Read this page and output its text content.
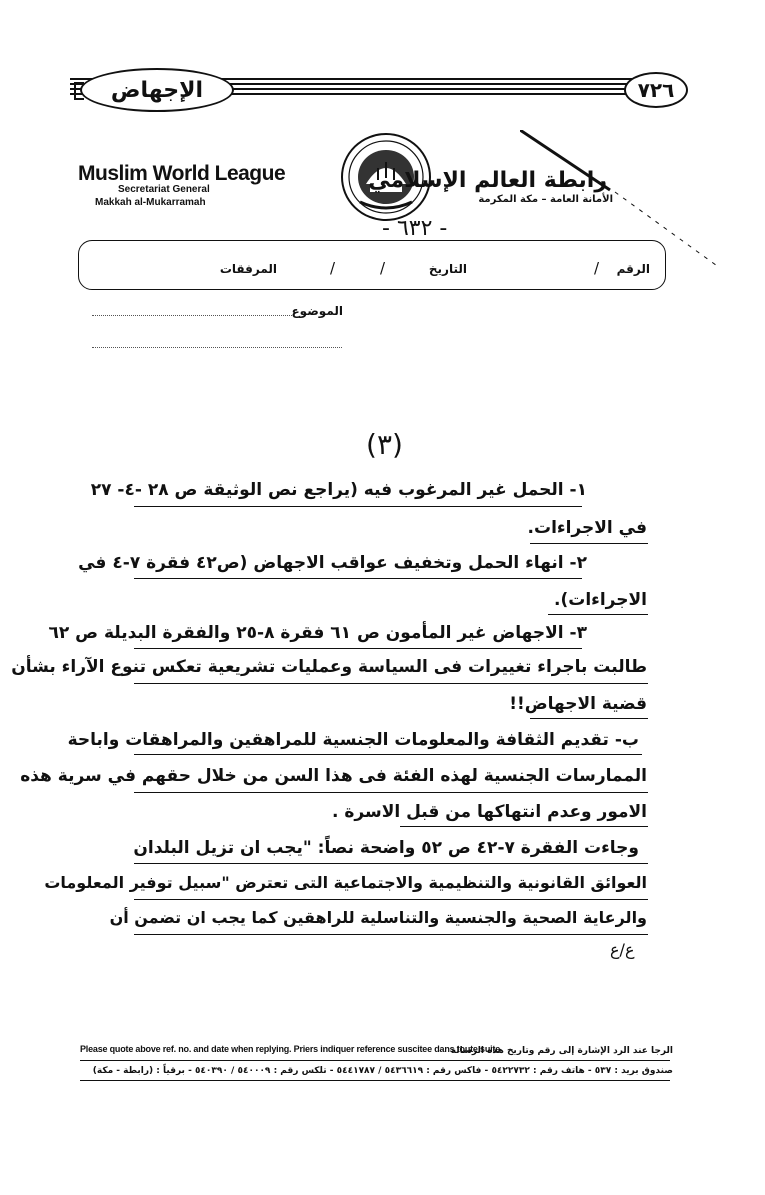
الإجهاض	٧٢٦
Muslim World League
Secretariat General
Makkah al-Mukarramah
رابطة العالم الإسلامي
الأمانة العامة – مكة المكرمة
- ٦٣٢ -
الرقم
/
التاريخ
/
/
المرفقات
الموضوع
(٣)
١- الحمل غير المرغوب فيه (يراجع نص الوثيقة ص ٢٨ -٤- ٢٧
في الاجراءات.
٢- انهاء الحمل وتخفيف عواقب الاجهاض (ص٤٢ فقرة ٧-٤ في
الاجراءات).
٣- الاجهاض غير المأمون ص ٦١ فقرة ٨-٢٥ والفقرة البديلة ص ٦٢
طالبت باجراء تغييرات فى السياسة وعمليات تشريعية تعكس تنوع الآراء بشأن
قضية الاجهاض!!
ب- تقديم الثقافة والمعلومات الجنسية للمراهقين والمراهقات واباحة
الممارسات الجنسية لهذه الفئة فى هذا السن من خلال حقهم في سرية هذه
الامور وعدم انتهاكها من قبل الاسرة .
وجاءت الفقرة ٧-٤٢ ص ٥٢ واضحة نصاً: "يجب ان تزيل البلدان
العوائق القانونية والتنظيمية والاجتماعية التى تعترض "سبيل توفير المعلومات
والرعاية الصحية والجنسية والتناسلية للراهقين كما يجب ان تضمن أن
ع/ع
Please quote above ref. no. and date when replying. Priers indiquer reference suscitee dans toute suite
الرجا عند الرد الإشارة إلى رقم وتاريخ هذه الرسالة
صندوق بريد : ٥٣٧ - هاتف رقم : ٥٤٢٢٧٣٢ - فاكس رقم : ٥٤٣٦٦١٩ / ٥٤٤١٧٨٧ - تلكس رقم : ٥٤٠٠٠٩ / ٥٤٠٣٩٠ - برقياً : (رابطة - مكة)
